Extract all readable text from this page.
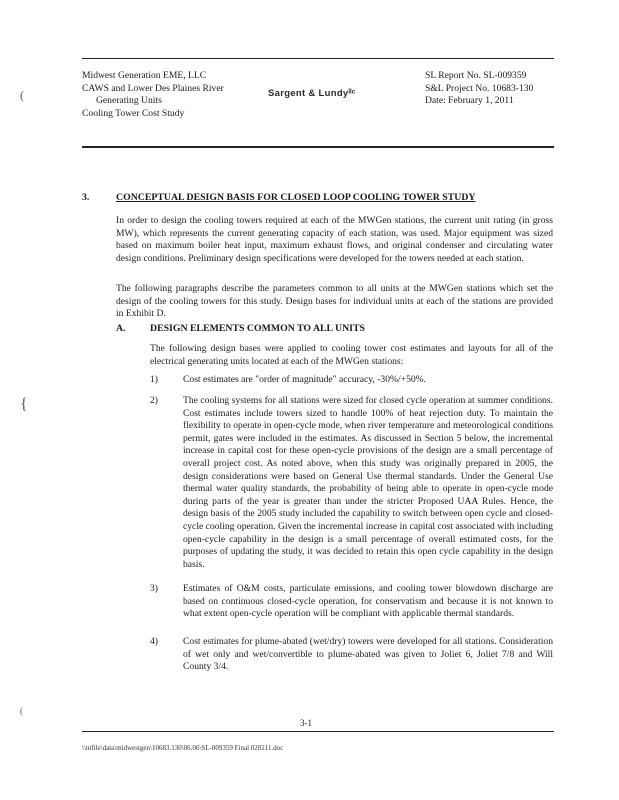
Midwest Generation EME, LLC
CAWS and Lower Des Plaines River
Generating Units
Cooling Tower Cost Study
Sargent & Lundyˡˡᶜ
SL Report No. SL-009359
S&L Project No. 10683-130
Date: February 1, 2011
(
{
(
3.	CONCEPTUAL DESIGN BASIS FOR CLOSED LOOP COOLING TOWER STUDY

In order to design the cooling towers required at each of the MWGen stations, the current unit rating (in gross MW), which represents the current generating capacity of each station, was used. Major equipment was sized based on maximum boiler heat input, maximum exhaust flows, and original condenser and circulating water design conditions. Preliminary design specifications were developed for the towers needed at each station.

The following paragraphs describe the parameters common to all units at the MWGen stations which set the design of the cooling towers for this study. Design bases for individual units at each of the stations are provided in Exhibit D.

A. DESIGN ELEMENTS COMMON TO ALL UNITS

The following design bases were applied to cooling tower cost estimates and layouts for all of the electrical generating units located at each of the MWGen stations:

1)	Cost estimates are "order of magnitude" accuracy, -30%/+50%.

2)	The cooling systems for all stations were sized for closed cycle operation at summer conditions. Cost estimates include towers sized to handle 100% of heat rejection duty. To maintain the flexibility to operate in open-cycle mode, when river temperature and meteorological conditions permit, gates were included in the estimates. As discussed in Section 5 below, the incremental increase in capital cost for these open-cycle provisions of the design are a small percentage of overall project cost. As noted above, when this study was originally prepared in 2005, the design considerations were based on General Use thermal standards. Under the General Use thermal water quality standards, the probability of being able to operate in open-cycle mode during parts of the year is greater than under the stricter Proposed UAA Rules. Hence, the design basis of the 2005 study included the capability to switch between open cycle and closed-cycle cooling operation. Given the incremental increase in capital cost associated with including open-cycle capability in the design is a small percentage of overall estimated costs, for the purposes of updating the study, it was decided to retain this open cycle capability in the design basis.

3)	Estimates of O&M costs, particulate emissions, and cooling tower blowdown discharge are based on continuous closed-cycle operation, for conservatism and because it is not known to what extent open-cycle operation will be compliant with applicable thermal standards.

4)	Cost estimates for plume-abated (wet/dry) towers were developed for all stations. Consideration of wet only and wet/convertible to plume-abated was given to Joliet 6, Joliet 7/8 and Will County 3/4.

3-1
\\ntfile\data\midwestgen\10683.130\06.06\SL-009359 Final 020211.doc
